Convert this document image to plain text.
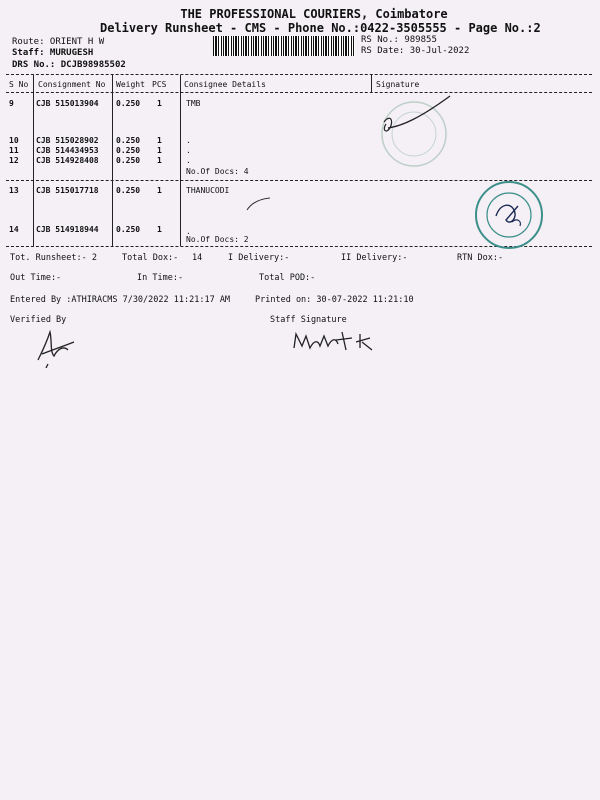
THE PROFESSIONAL COURIERS, Coimbatore
Delivery Runsheet - CMS - Phone No.:0422-3505555 - Page No.:2
Route: ORIENT H W
Staff: MURUGESH
DRS No.: DCJB98985502
RS No.: 989855
RS Date: 30-Jul-2022
S No Consignment No Weight PCS Consignee Details	Signature
9	CJB 515013904 0.250 1	TMB
10 CJB 515028902 0.250 1	.
11 CJB 514434953 0.250 1	.
12 CJB 514928408 0.250 1	.
No.Of Docs: 4
13 CJB 515017718 0.250 1	THANUCODI
14 CJB 514918944 0.250 1	.
No.Of Docs: 2
Tot. Runsheet:- 2	Total Dox:- 14	I Delivery:-	II Delivery:-	RTN Dox:-
Out Time:-	In Time:-	Total POD:-
Entered By :ATHIRACMS 7/30/2022 11:21:17 AM	Printed on: 30-07-2022 11:21:10
Verified By	Staff Signature
